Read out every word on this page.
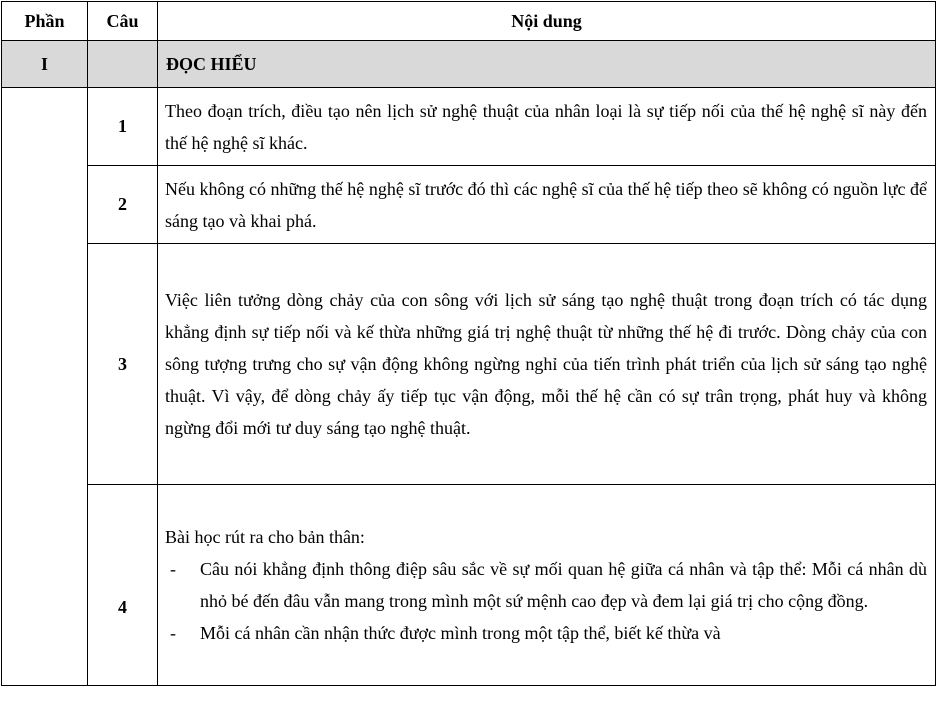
Phần	Câu	Nội dung
I		ĐỌC HIỂU
	1	Theo đoạn trích, điều tạo nên lịch sử nghệ thuật của nhân loại là sự tiếp nối của thế hệ nghệ sĩ này đến thế hệ nghệ sĩ khác.
	2	Nếu không có những thế hệ nghệ sĩ trước đó thì các nghệ sĩ của thế hệ tiếp theo sẽ không có nguồn lực để sáng tạo và khai phá.
	3	Việc liên tưởng dòng chảy của con sông với lịch sử sáng tạo nghệ thuật trong đoạn trích có tác dụng khẳng định sự tiếp nối và kế thừa những giá trị nghệ thuật từ những thế hệ đi trước. Dòng chảy của con sông tượng trưng cho sự vận động không ngừng nghỉ của tiến trình phát triển của lịch sử sáng tạo nghệ thuật. Vì vậy, để dòng chảy ấy tiếp tục vận động, mỗi thế hệ cần có sự trân trọng, phát huy và không ngừng đổi mới tư duy sáng tạo nghệ thuật.
	4	Bài học rút ra cho bản thân:
- Câu nói khẳng định thông điệp sâu sắc về sự mối quan hệ giữa cá nhân và tập thể: Mỗi cá nhân dù nhỏ bé đến đâu vẫn mang trong mình một sứ mệnh cao đẹp và đem lại giá trị cho cộng đồng.
- Mỗi cá nhân cần nhận thức được mình trong một tập thể, biết kế thừa và
